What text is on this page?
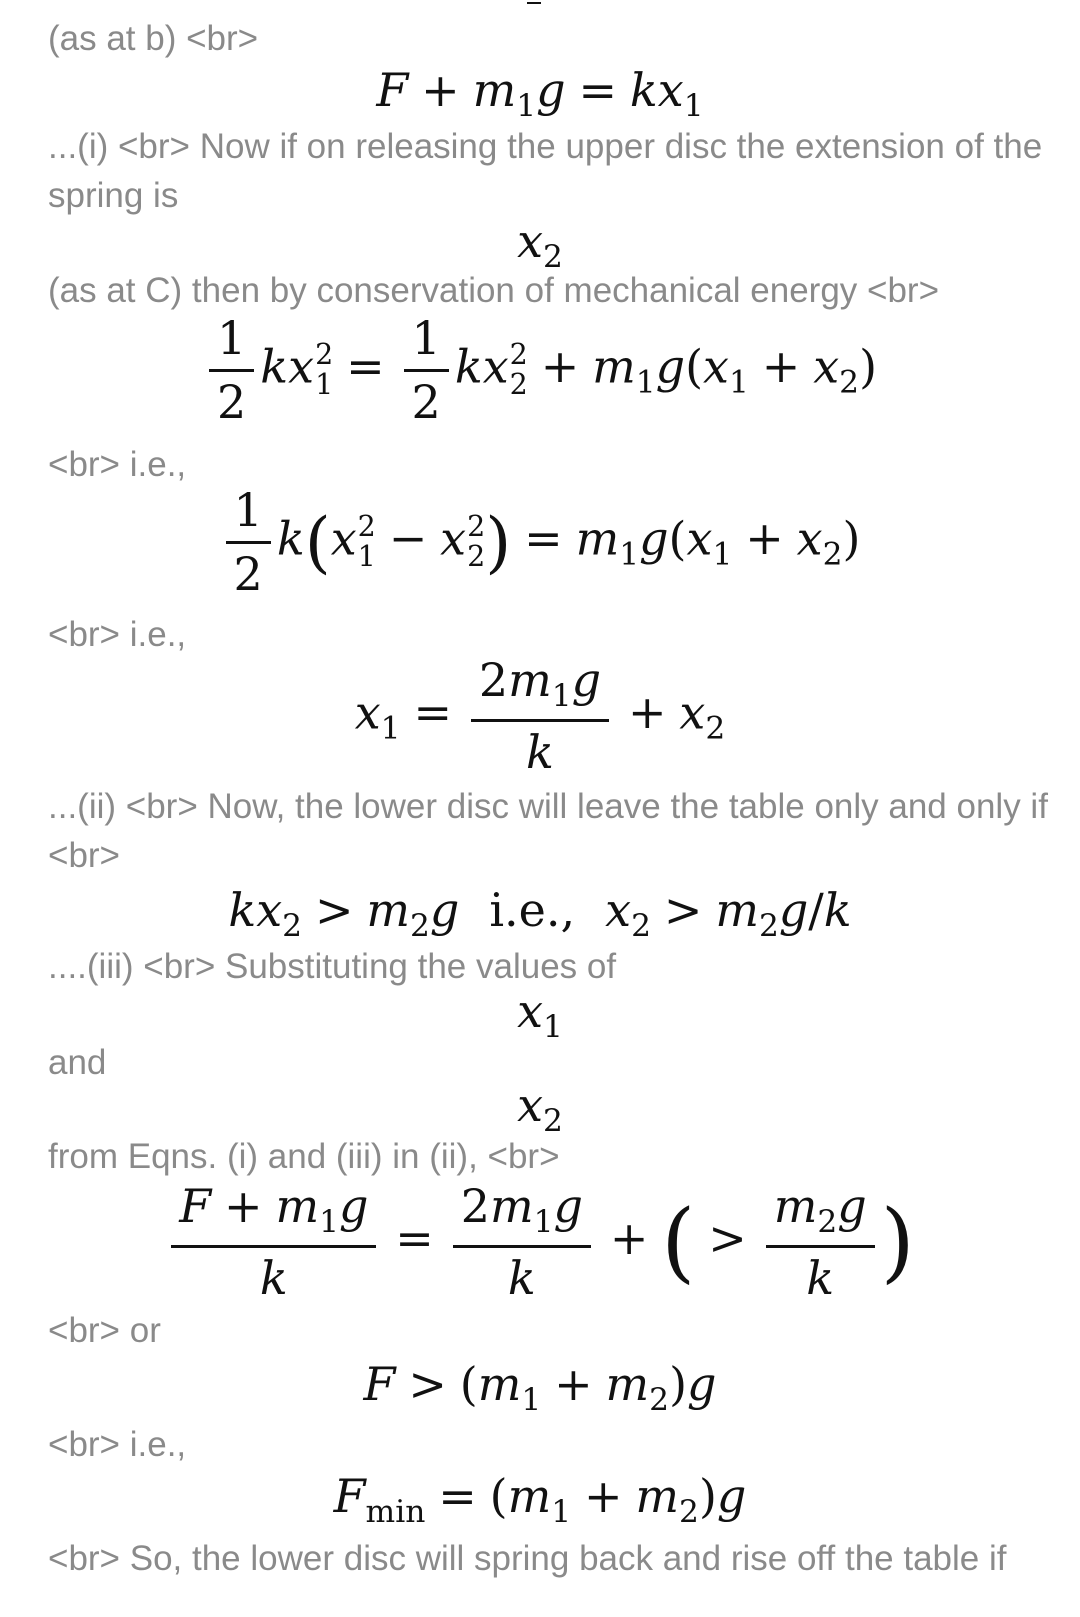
(as at b) <br>
$F + m_1g = kx_1$
...(i) <br> Now if on releasing the upper disc the extension of the spring is
$x_2$
(as at C) then by conservation of mechanical energy <br>
$\frac{1}{2}$ kx 2
$1 = \frac{1}{2}$ kx 2
$2 + m_1g(x_1 + x_2)$
<br> i.e.,
$\frac{1}{2} k(x$ 2
1 − x 2
2 ) = $m_1g(x_1 + x_2)$
<br> i.e.,
$x_1 = \frac{2m_1g}{k} + x_2$
...(ii) <br> Now, the lower disc will leave the table only and only if <br>
$kx_2 > m_2g$ i.e., $x_2 > m_2g/k$
....(iii) <br> Substituting the values of
$x_1$
and
$x_2$
from Eqns. (i) and (iii) in (ii), <br>
$\frac{F + m_1g}{k} = \frac{2m_1g}{k}$ + ( > $\frac{m_2g}{k}$ )
<br> or
$F > (m_1 + m_2)g$
<br> i.e.,
$F_{min} = (m_1 + m_2)g$
<br> So, the lower disc will spring back and rise off the table if
